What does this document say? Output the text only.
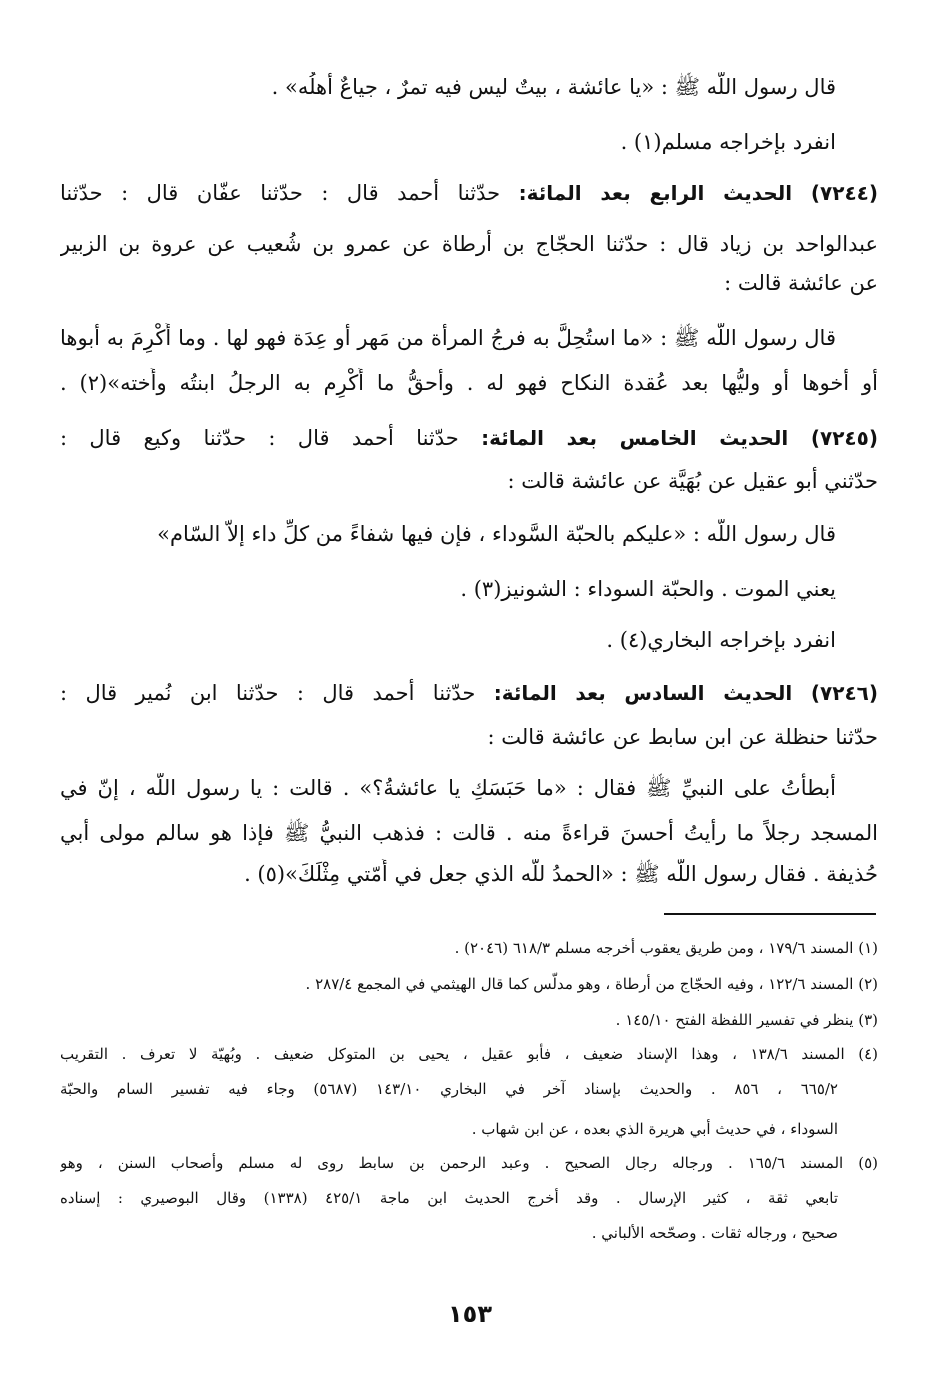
قال رسول اللّه ﷺ : «يا عائشة ، بيتٌ ليس فيه تمرٌ ، جياعٌ أهلُه» .
انفرد بإخراجه مسلم(١) .
(٧٢٤٤) الحديث الرابع بعد المائة: حدّثنا أحمد قال : حدّثنا عفّان قال : حدّثنا
عبدالواحد بن زياد قال : حدّثنا الحجّاج بن أرطاة عن عمرو بن شُعيب عن عروة بن الزبير
عن عائشة قالت :
قال رسول اللّه ﷺ : «ما استُحِلَّ به فرجُ المرأة من مَهر أو عِدَة فهو لها . وما أُكْرِمَ به أبوها
أو أخوها أو وليُّها بعد عُقدة النكاح فهو له . وأحقُّ ما أُكْرِم به الرجلُ ابنتُه وأُخته»(٢) .
(٧٢٤٥) الحديث الخامس بعد المائة: حدّثنا أحمد قال : حدّثنا وكيع قال :
حدّثني أبو عقيل عن بُهَيَّة عن عائشة قالت :
قال رسول اللّه : «عليكم بالحبّة السَّوداء ، فإن فيها شفاءً من كلِّ داء إلاّ السّام»
يعني الموت . والحبّة السوداء : الشونيز(٣) .
انفرد بإخراجه البخاري(٤) .
(٧٢٤٦) الحديث السادس بعد المائة: حدّثنا أحمد قال : حدّثنا ابن نُمير قال :
حدّثنا حنظلة عن ابن سابط عن عائشة قالت :
أبطأتُ على النبيِّ ﷺ فقال : «ما حَبَسَكِ يا عائشةُ؟» . قالت : يا رسول اللّه ، إنّ في
المسجد رجلاً ما رأيتُ أحسنَ قراءةً منه . قالت : فذهب النبيُّ ﷺ فإذا هو سالم مولى أبي
حُذيفة . فقال رسول اللّه ﷺ : «الحمدُ للّه الذي جعل في أُمّتي مِثْلَكَ»(٥) .
(١) المسند ١٧٩/٦ ، ومن طريق يعقوب أخرجه مسلم ٦١٨/٣ (٢٠٤٦) .
(٢) المسند ١٢٢/٦ ، وفيه الحجّاج من أرطاة ، وهو مدلّس كما قال الهيثمي في المجمع ٢٨٧/٤ .
(٣) ينظر في تفسير اللفظة الفتح ١٤٥/١٠ .
(٤) المسند ١٣٨/٦ ، وهذا الإسناد ضعيف ، فأبو عقيل ، يحيى بن المتوكل ضعيف . وبُهيّة لا تعرف . التقريب
٦٦٥/٢ ، ٨٥٦ . والحديث بإسناد آخر في البخاري ١٤٣/١٠ (٥٦٨٧) وجاء فيه تفسير السام والحبّة
السوداء ، في حديث أبي هريرة الذي بعده ، عن ابن شهاب .
(٥) المسند ١٦٥/٦ . ورجاله رجال الصحيح . وعبد الرحمن بن سابط روى له مسلم وأصحاب السنن ، وهو
تابعي ثقة ، كثير الإرسال . وقد أخرج الحديث ابن ماجة ٤٢٥/١ (١٣٣٨) وقال البوصيري : إسناده
صحيح ، ورجاله ثقات . وصحّحه الألباني .
١٥٣
